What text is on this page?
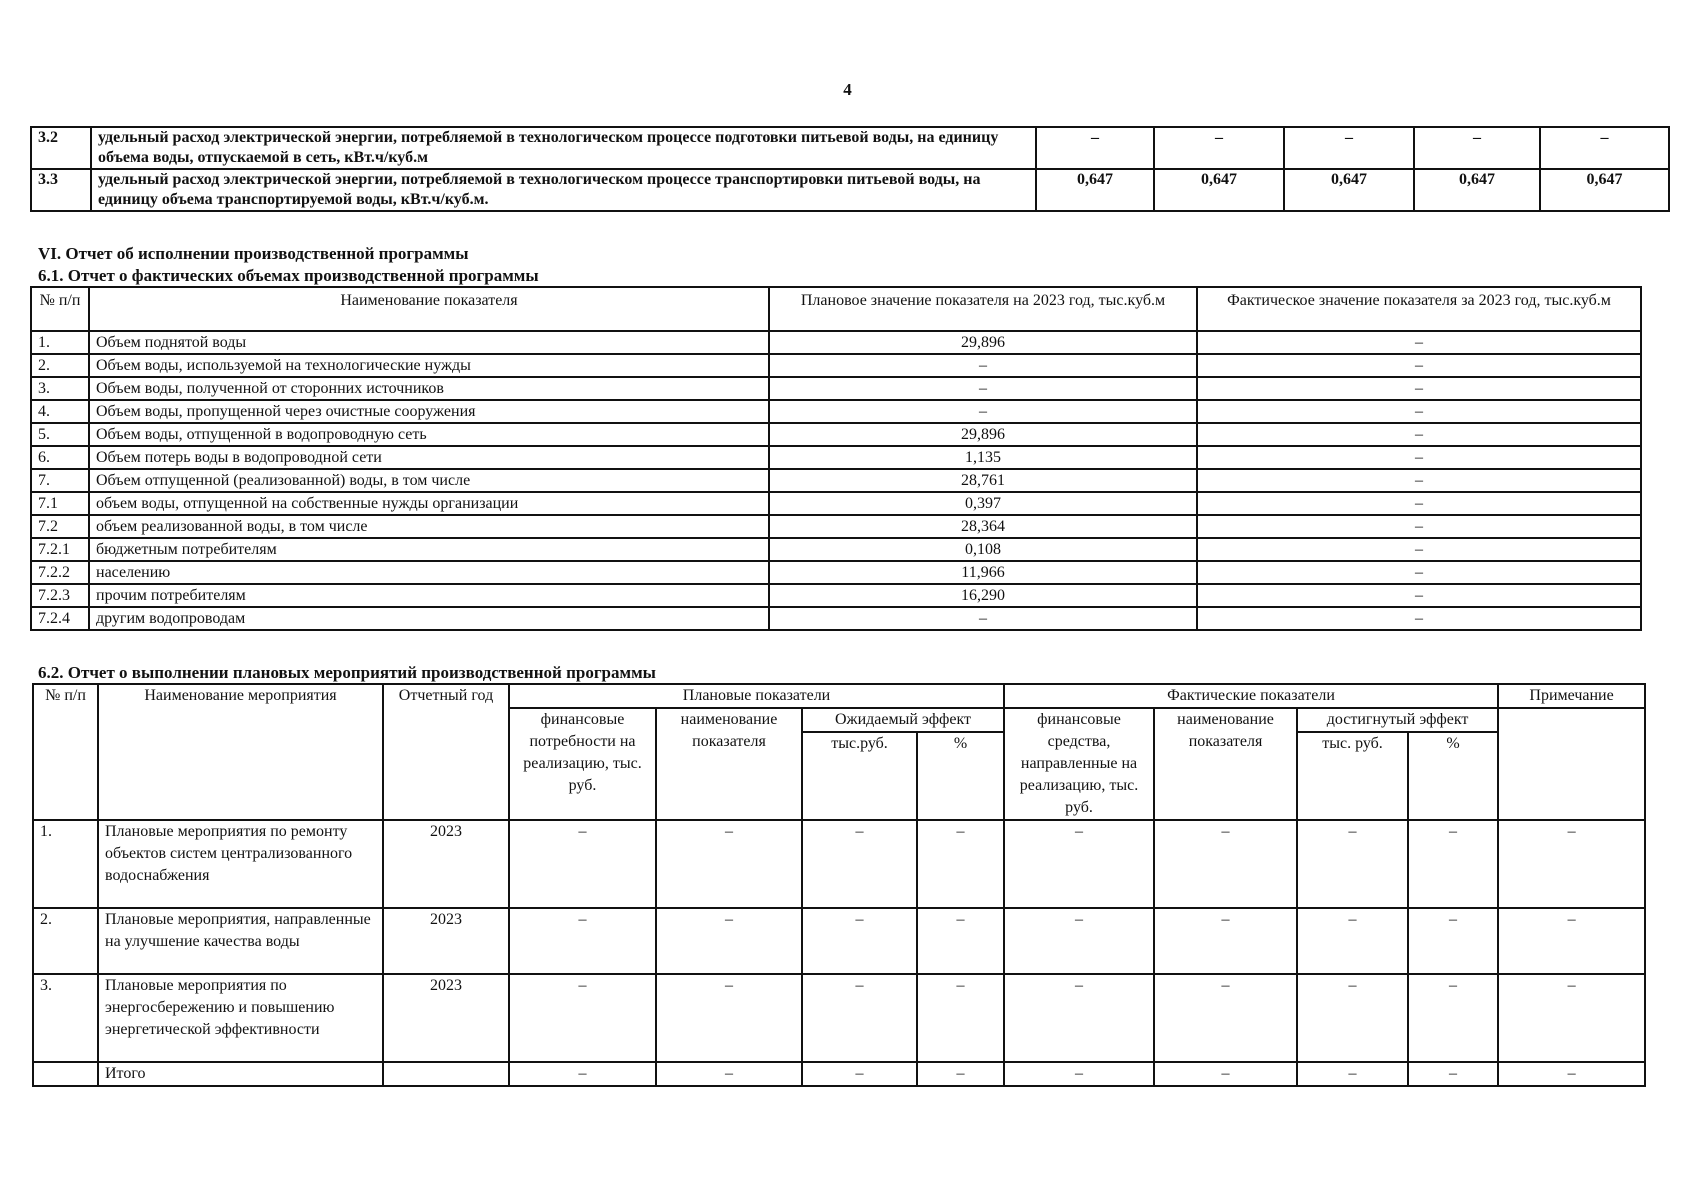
4
3.2	удельный расход электрической энергии, потребляемой в технологическом процессе подготовки питьевой воды, на единицу объема воды, отпускаемой в сеть, кВт.ч/куб.м	–	–	–	–	–
3.3	удельный расход электрической энергии, потребляемой в технологическом процессе транспортировки питьевой воды, на единицу объема транспортируемой воды, кВт.ч/куб.м.	0,647	0,647	0,647	0,647	0,647
VI. Отчет об исполнении производственной программы
6.1. Отчет о фактических объемах производственной программы
№ п/п	Наименование показателя	Плановое значение показателя на 2023 год, тыс.куб.м	Фактическое значение показателя за 2023 год, тыс.куб.м
1.	Объем поднятой воды	29,896	–
2.	Объем воды, используемой на технологические нужды	–	–
3.	Объем воды, полученной от сторонних источников	–	–
4.	Объем воды, пропущенной через очистные сооружения	–	–
5.	Объем воды, отпущенной в водопроводную сеть	29,896	–
6.	Объем потерь воды в водопроводной сети	1,135	–
7.	Объем отпущенной (реализованной) воды, в том числе	28,761	–
7.1	объем воды, отпущенной на собственные нужды организации	0,397	–
7.2	объем реализованной воды, в том числе	28,364	–
7.2.1	бюджетным потребителям	0,108	–
7.2.2	населению	11,966	–
7.2.3	прочим потребителям	16,290	–
7.2.4	другим водопроводам	–	–
6.2. Отчет о выполнении плановых мероприятий производственной программы
№ п/п	Наименование мероприятия	Отчетный год	Плановые показатели				Фактические показатели				Примечание
			финансовые потребности на реализацию, тыс. руб.	наименование показателя	Ожидаемый эффект		финансовые средства, направленные на реализацию, тыс. руб.	наименование показателя	достигнутый эффект		
					тыс.руб.	%			тыс. руб.	%	
1.	Плановые мероприятия по ремонту объектов систем централизованного водоснабжения	2023	–	–	–	–	–	–	–	–	–
2.	Плановые мероприятия, направленные на улучшение качества воды	2023	–	–	–	–	–	–	–	–	–
3.	Плановые мероприятия по энергосбережению и повышению энергетической эффективности	2023	–	–	–	–	–	–	–	–	–
	Итого		–	–	–	–	–	–	–	–	–
